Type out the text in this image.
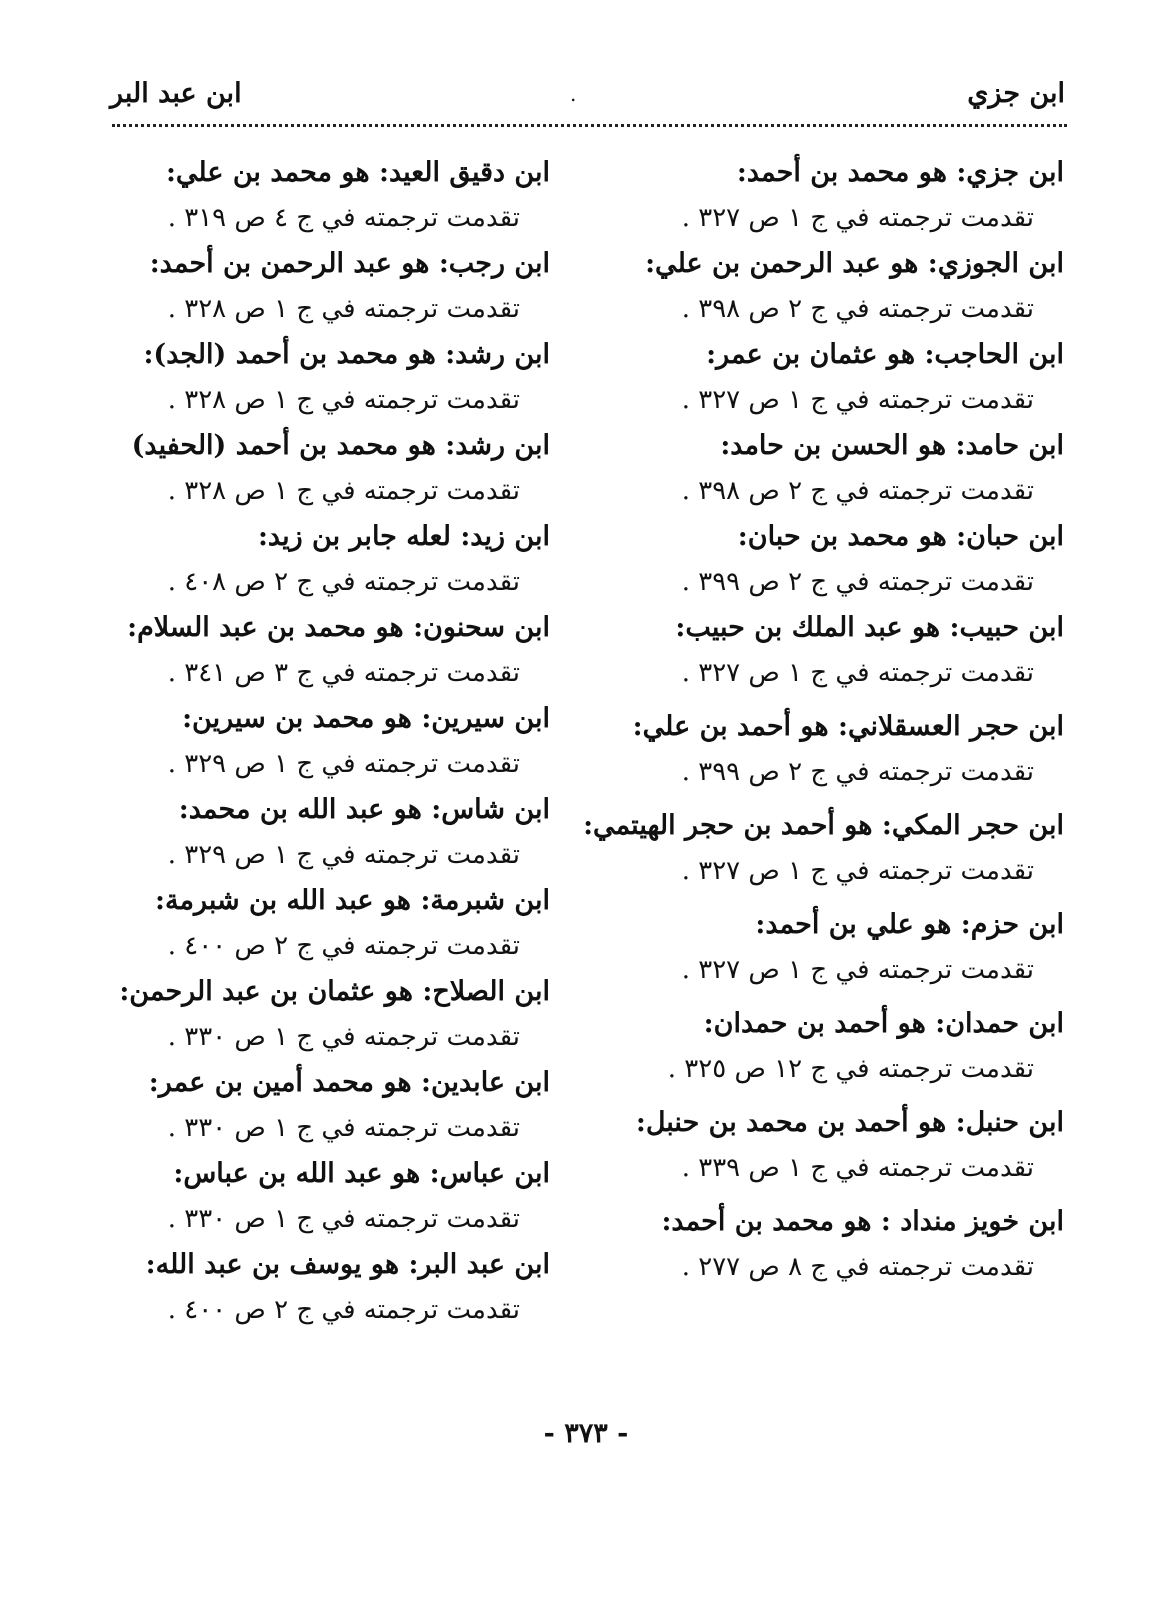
ابن جزي
.
ابن عبد البر
ابن جزي: هو محمد بن أحمد:
تقدمت ترجمته في ج ١ ص ٣٢٧ .
ابن الجوزي: هو عبد الرحمن بن علي:
تقدمت ترجمته في ج ٢ ص ٣٩٨ .
ابن الحاجب: هو عثمان بن عمر:
تقدمت ترجمته في ج ١ ص ٣٢٧ .
ابن حامد: هو الحسن بن حامد:
تقدمت ترجمته في ج ٢ ص ٣٩٨ .
ابن حبان: هو محمد بن حبان:
تقدمت ترجمته في ج ٢ ص ٣٩٩ .
ابن حبيب: هو عبد الملك بن حبيب:
تقدمت ترجمته في ج ١ ص ٣٢٧ .
ابن حجر العسقلاني: هو أحمد بن علي:
تقدمت ترجمته في ج ٢ ص ٣٩٩ .
ابن حجر المكي: هو أحمد بن حجر الهيتمي:
تقدمت ترجمته في ج ١ ص ٣٢٧ .
ابن حزم: هو علي بن أحمد:
تقدمت ترجمته في ج ١ ص ٣٢٧ .
ابن حمدان: هو أحمد بن حمدان:
تقدمت ترجمته في ج ١٢ ص ٣٢٥ .
ابن حنبل: هو أحمد بن محمد بن حنبل:
تقدمت ترجمته في ج ١ ص ٣٣٩ .
ابن خويز منداد : هو محمد بن أحمد:
تقدمت ترجمته في ج ٨ ص ٢٧٧ .
ابن دقيق العيد: هو محمد بن علي:
تقدمت ترجمته في ج ٤ ص ٣١٩ .
ابن رجب: هو عبد الرحمن بن أحمد:
تقدمت ترجمته في ج ١ ص ٣٢٨ .
ابن رشد: هو محمد بن أحمد (الجد):
تقدمت ترجمته في ج ١ ص ٣٢٨ .
ابن رشد: هو محمد بن أحمد (الحفيد)
تقدمت ترجمته في ج ١ ص ٣٢٨ .
ابن زيد: لعله جابر بن زيد:
تقدمت ترجمته في ج ٢ ص ٤٠٨ .
ابن سحنون: هو محمد بن عبد السلام:
تقدمت ترجمته في ج ٣ ص ٣٤١ .
ابن سيرين: هو محمد بن سيرين:
تقدمت ترجمته في ج ١ ص ٣٢٩ .
ابن شاس: هو عبد الله بن محمد:
تقدمت ترجمته في ج ١ ص ٣٢٩ .
ابن شبرمة: هو عبد الله بن شبرمة:
تقدمت ترجمته في ج ٢ ص ٤٠٠ .
ابن الصلاح: هو عثمان بن عبد الرحمن:
تقدمت ترجمته في ج ١ ص ٣٣٠ .
ابن عابدين: هو محمد أمين بن عمر:
تقدمت ترجمته في ج ١ ص ٣٣٠ .
ابن عباس: هو عبد الله بن عباس:
تقدمت ترجمته في ج ١ ص ٣٣٠ .
ابن عبد البر: هو يوسف بن عبد الله:
تقدمت ترجمته في ج ٢ ص ٤٠٠ .
- ٣٧٣ -
